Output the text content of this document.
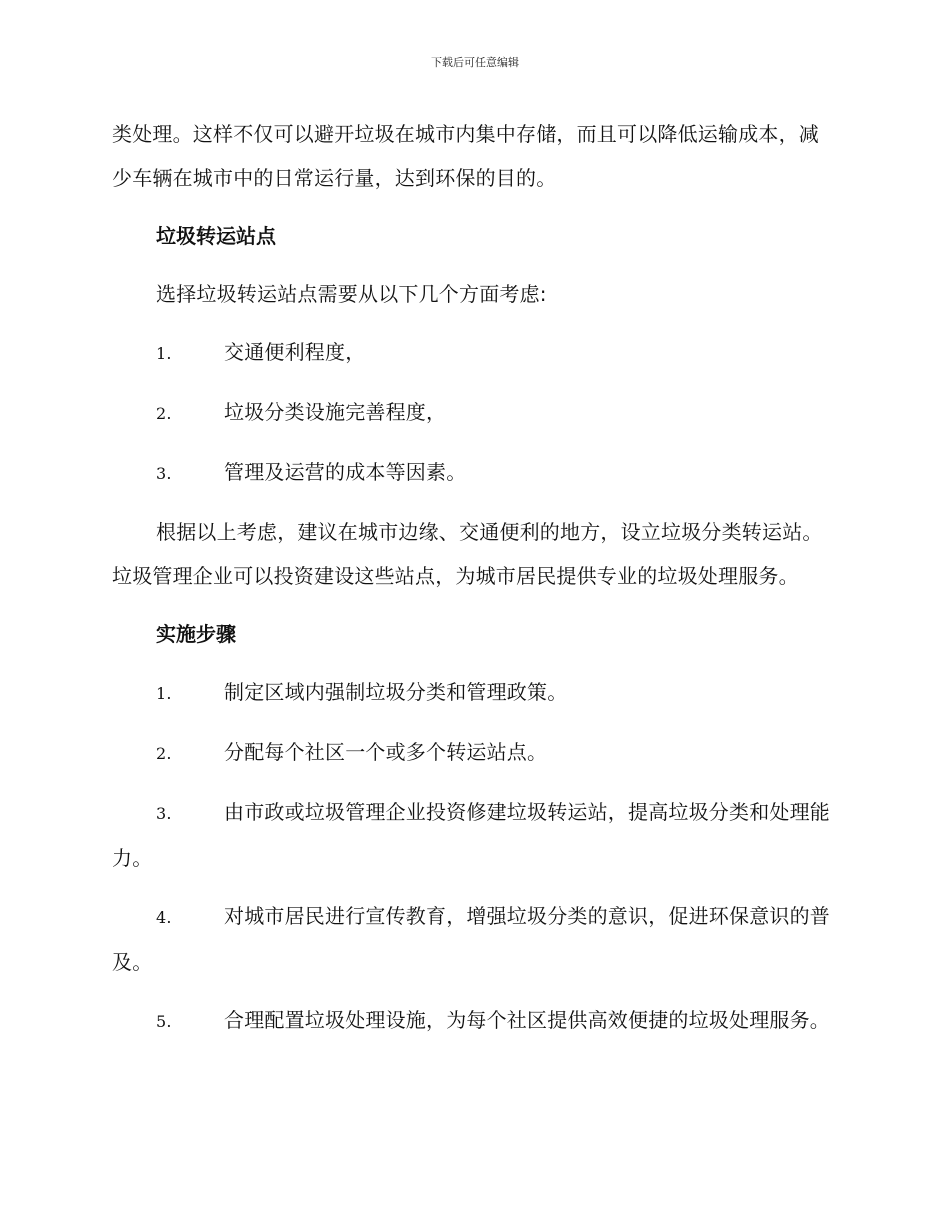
下载后可任意编辑

类处理。这样不仅可以避开垃圾在城市内集中存储，而且可以降低运输成本，减少车辆在城市中的日常运行量，达到环保的目的。

垃圾转运站点

选择垃圾转运站点需要从以下几个方面考虑:

1.	交通便利程度，

2.	垃圾分类设施完善程度，

3.	管理及运营的成本等因素。

根据以上考虑，建议在城市边缘、交通便利的地方，设立垃圾分类转运站。垃圾管理企业可以投资建设这些站点，为城市居民提供专业的垃圾处理服务。

实施步骤

1.	制定区域内强制垃圾分类和管理政策。

2.	分配每个社区一个或多个转运站点。

3.	由市政或垃圾管理企业投资修建垃圾转运站，提高垃圾分类和处理能力。

4.	对城市居民进行宣传教育，增强垃圾分类的意识，促进环保意识的普及。

5.	合理配置垃圾处理设施，为每个社区提供高效便捷的垃圾处理服务。
